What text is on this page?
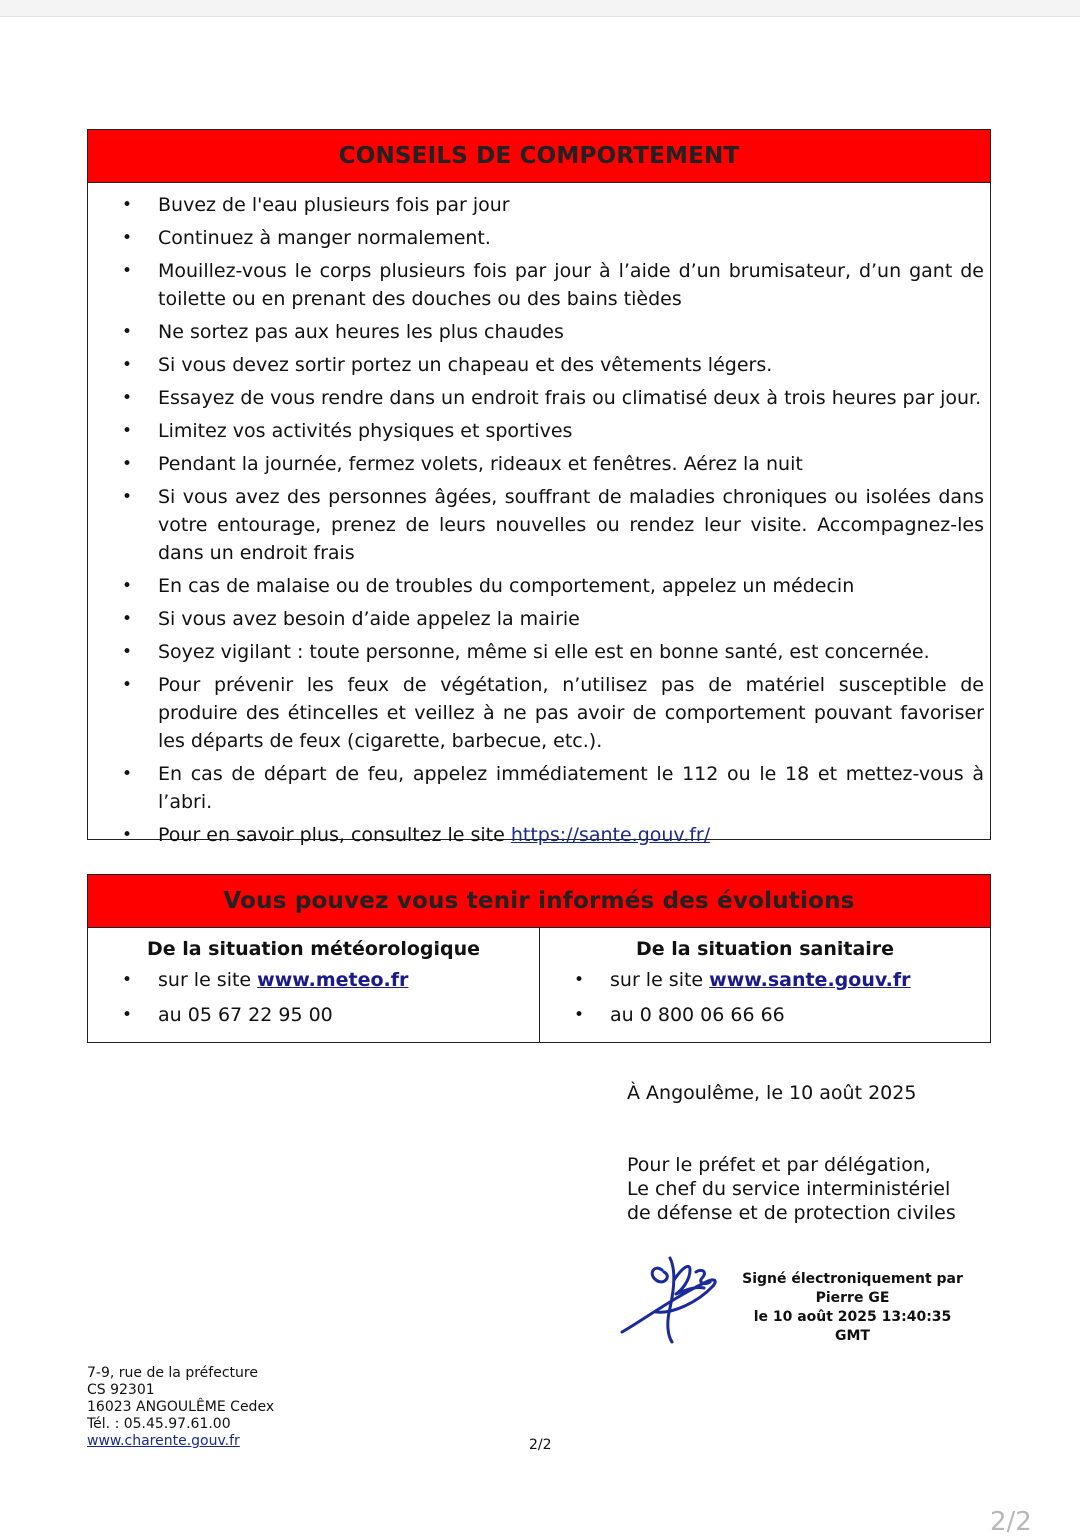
CONSEILS DE COMPORTEMENT
• Buvez de l'eau plusieurs fois par jour
• Continuez à manger normalement.
• Mouillez-vous le corps plusieurs fois par jour à l’aide d’un brumisateur, d’un gant de toilette ou en prenant des douches ou des bains tièdes
• Ne sortez pas aux heures les plus chaudes
• Si vous devez sortir portez un chapeau et des vêtements légers.
• Essayez de vous rendre dans un endroit frais ou climatisé deux à trois heures par jour.
• Limitez vos activités physiques et sportives
• Pendant la journée, fermez volets, rideaux et fenêtres. Aérez la nuit
• Si vous avez des personnes âgées, souffrant de maladies chroniques ou isolées dans votre entourage, prenez de leurs nouvelles ou rendez leur visite. Accompagnez-les dans un endroit frais
• En cas de malaise ou de troubles du comportement, appelez un médecin
• Si vous avez besoin d’aide appelez la mairie
• Soyez vigilant : toute personne, même si elle est en bonne santé, est concernée.
• Pour prévenir les feux de végétation, n’utilisez pas de matériel susceptible de produire des étincelles et veillez à ne pas avoir de comportement pouvant favoriser les départs de feux (cigarette, barbecue, etc.).
• En cas de départ de feu, appelez immédiatement le 112 ou le 18 et mettez-vous à l’abri.
• Pour en savoir plus, consultez le site https://sante.gouv.fr/
Vous pouvez vous tenir informés des évolutions
De la situation météorologique
• sur le site www.meteo.fr
• au 05 67 22 95 00
De la situation sanitaire
• sur le site www.sante.gouv.fr
• au 0 800 06 66 66
À Angoulême, le 10 août 2025
Pour le préfet et par délégation,
Le chef du service interministériel
de défense et de protection civiles
Signé électroniquement par
Pierre GE
le 10 août 2025 13:40:35 GMT
7-9, rue de la préfecture
CS 92301
16023 ANGOULÊME Cedex
Tél. : 05.45.97.61.00
www.charente.gouv.fr	2/2
2/2
